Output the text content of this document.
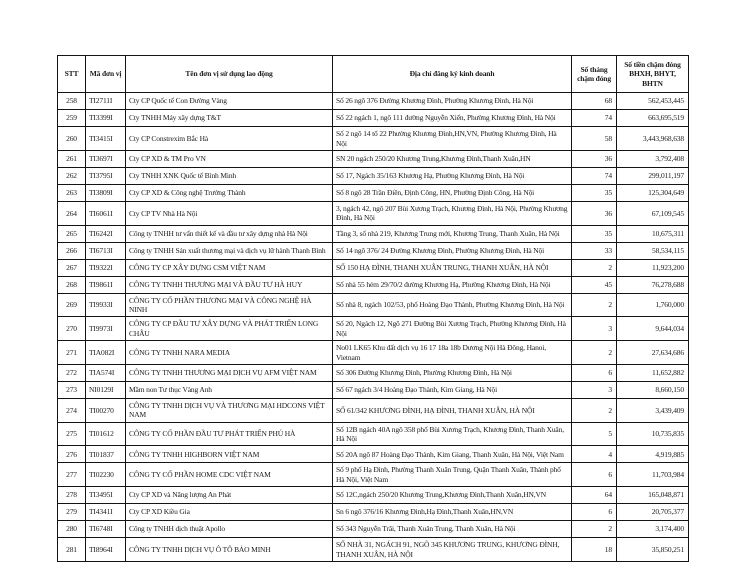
STT	Mã đơn vị	Tên đơn vị sử dụng lao động	Địa chỉ đăng ký kinh doanh	Số tháng chậm đóng	Số tiền chậm đóng BHXH, BHYT, BHTN
258	TI2711I	Cty CP Quốc tế Con Đường Vàng	Số 26 ngõ 376 Đường Khương Đình, Phường Khương Đình, Hà Nội	68	562,453,445
259	TI3399I	Cty TNHH Máy xây dựng T&T	Số 22 ngách 1, ngõ 111 đường Nguyễn Xiển, Phường Khương Đình, Hà Nội	74	663,695,519
260	TI3415I	Cty CP Constrexim Bắc Hà	Số 2 ngõ 14 tổ 22 Phường Khương Đình,HN,VN, Phường Khương Đình, Hà Nội	58	3,443,968,638
261	TI3697I	Cty CP XD & TM Pro VN	SN 20 ngách 250/20 Khương Trung,Khương Đình,Thanh Xuân,HN	36	3,792,408
262	TI3795I	Cty TNHH XNK Quốc tế Bình Minh	Số 17, Ngách 35/163 Khương Hạ, Phường Khương Đình, Hà Nội	74	299,011,197
263	TI3809I	Cty CP XD & Công nghệ Trưởng Thành	Số 8 ngõ 28 Trần Điền, Định Công, HN, Phường Định Công, Hà Nội	35	125,304,649
264	TI6061I	Cty CP TV Nhà Hà Nội	3, ngách 42, ngõ 207 Bùi Xương Trạch, Khương Đình, Hà Nội, Phường Khương Đình, Hà Nội	36	67,109,545
265	TI6242I	Công ty TNHH tư vấn thiết kế và đầu tư xây dựng nhà Hà Nội	Tầng 3, số nhà 219, Khương Trung mới, Khương Trung, Thanh Xuân, Hà Nội	35	10,675,311
266	TI6713I	Công ty TNHH Sản xuất thương mại và dịch vụ lữ hành Thanh Bình	Số 14 ngõ 376/ 24 Đường Khương Đình, Phường Khương Đình, Hà Nội	33	58,534,115
267	TI9322I	CÔNG TY CP XÂY DỰNG CSM VIỆT NAM	SỐ 150 HẠ ĐÌNH, THANH XUÂN TRUNG, THANH XUÂN, HÀ NỘI	2	11,923,200
268	TI9861I	CÔNG TY TNHH THƯƠNG MẠI VÀ ĐẦU TƯ HÀ HUY	Số nhà 55 hẻm 29/70/2 đường Khương Hạ, Phường Khương Đình, Hà Nội	45	76,278,688
269	TI9933I	CÔNG TY CỔ PHẦN THƯƠNG MẠI VÀ CÔNG NGHỆ HÀ NINH	Số nhà 8, ngách 102/53, phố Hoàng Đạo Thành, Phường Khương Đình, Hà Nội	2	1,760,000
270	TI9973I	CÔNG TY CP ĐẦU TƯ XÂY DỰNG VÀ PHÁT TRIỂN LONG CHÂU	Số 20, Ngách 12, Ngõ 271 Đường Bùi Xương Trạch, Phường Khương Đình, Hà Nội	3	9,644,034
271	TIA082I	CÔNG TY TNHH NARA MEDIA	No01 LK65 Khu đất dịch vụ 16 17 18a 18b Dương Nội Hà Đông, Hanoi, Vietnam	2	27,634,686
272	TIA574I	CÔNG TY TNHH THƯƠNG MẠI DỊCH VỤ AFM VIỆT NAM	Số 306 Đường Khương Đình, Phường Khương Đình, Hà Nội	6	11,652,882
273	NI0129I	Mầm non Tư thục Vàng Anh	Số 67 ngách 3/4 Hoàng Đạo Thành, Kim Giang, Hà Nội	3	8,660,150
274	TI00270	CÔNG TY TNHH DỊCH VỤ VÀ THƯƠNG MẠI HDCONS VIỆT NAM	SỐ 61/342 KHƯƠNG ĐÌNH, HẠ ĐÌNH, THANH XUÂN, HÀ NỘI	2	3,439,409
275	TI01612	CÔNG TY CỔ PHẦN ĐẦU TƯ PHÁT TRIỂN PHÚ HÀ	Số 12B ngách 40A ngõ 358 phố Bùi Xương Trạch, Khương Đình, Thanh Xuân, Hà Nội	5	10,735,835
276	TI01837	CÔNG TY TNHH HIGHBORN VIỆT NAM	Số 20A ngõ 87 Hoàng Đạo Thành, Kim Giang, Thanh Xuân, Hà Nội, Việt Nam	4	4,919,885
277	TI02230	CÔNG TY CỔ PHẦN HOME CDC VIỆT NAM	Số 9 phố Hạ Đình, Phường Thanh Xuân Trung, Quận Thanh Xuân, Thành phố Hà Nội, Việt Nam	6	11,703,984
278	TI3495I	Cty CP XD và Năng lượng An Phát	Số 12C,ngách 250/20 Khương Trung,Khương Đình,Thanh Xuân,HN,VN	64	165,048,871
279	TI4341I	Cty CP XD Kiều Gia	Sn 6 ngõ 376/16 Khương Đình,Hạ Đình,Thanh Xuân,HN,VN	6	20,705,377
280	TI6748I	Công ty TNHH dịch thuật Apollo	Số 343 Nguyễn Trãi, Thanh Xuân Trung, Thanh Xuân, Hà Nội	2	3,174,400
281	TI8964I	CÔNG TY TNHH DỊCH VỤ Ô TÔ BẢO MINH	SỐ NHÀ 31, NGÁCH 91, NGÕ 345 KHƯƠNG TRUNG, KHƯƠNG ĐÌNH, THANH XUÂN, HÀ NỘI	18	35,850,251
